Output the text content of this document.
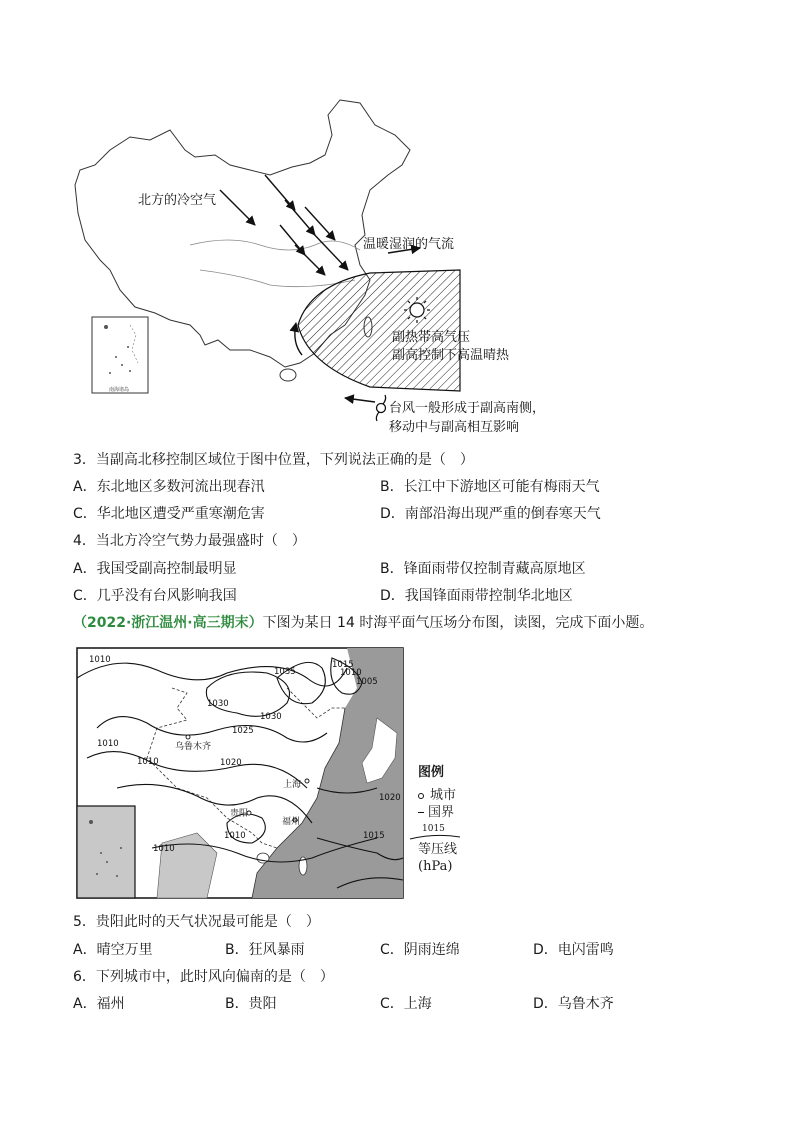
南海诸岛
北方的冷空气
温暖湿润的气流
副热带高气压
副高控制下高温晴热
台风一般形成于副高南侧，
移动中与副高相互影响
3．当副高北移控制区域位于图中位置，下列说法正确的是（　）
A．东北地区多数河流出现春汛	B．长江中下游地区可能有梅雨天气
C．华北地区遭受严重寒潮危害	D．南部沿海出现严重的倒春寒天气
4．当北方冷空气势力最强盛时（　）
A．我国受副高控制最明显	B．锋面雨带仅控制青藏高原地区
C．几乎没有台风影响我国	D．我国锋面雨带控制华北地区
（2022·浙江温州·高三期末）下图为某日 14 时海平面气压场分布图，读图，完成下面小题。
1010
1035
1015
1010
1005
1030
1030
1025
1010
1020
1010
1020
1015
1010
1010
乌鲁木齐
上海
贵阳
福州
图例
城市
国界
1015
等压线
(hPa)
5．贵阳此时的天气状况最可能是（　）
A．晴空万里	B．狂风暴雨	C．阴雨连绵	D．电闪雷鸣
6．下列城市中，此时风向偏南的是（　）
A．福州	B．贵阳	C．上海	D．乌鲁木齐
